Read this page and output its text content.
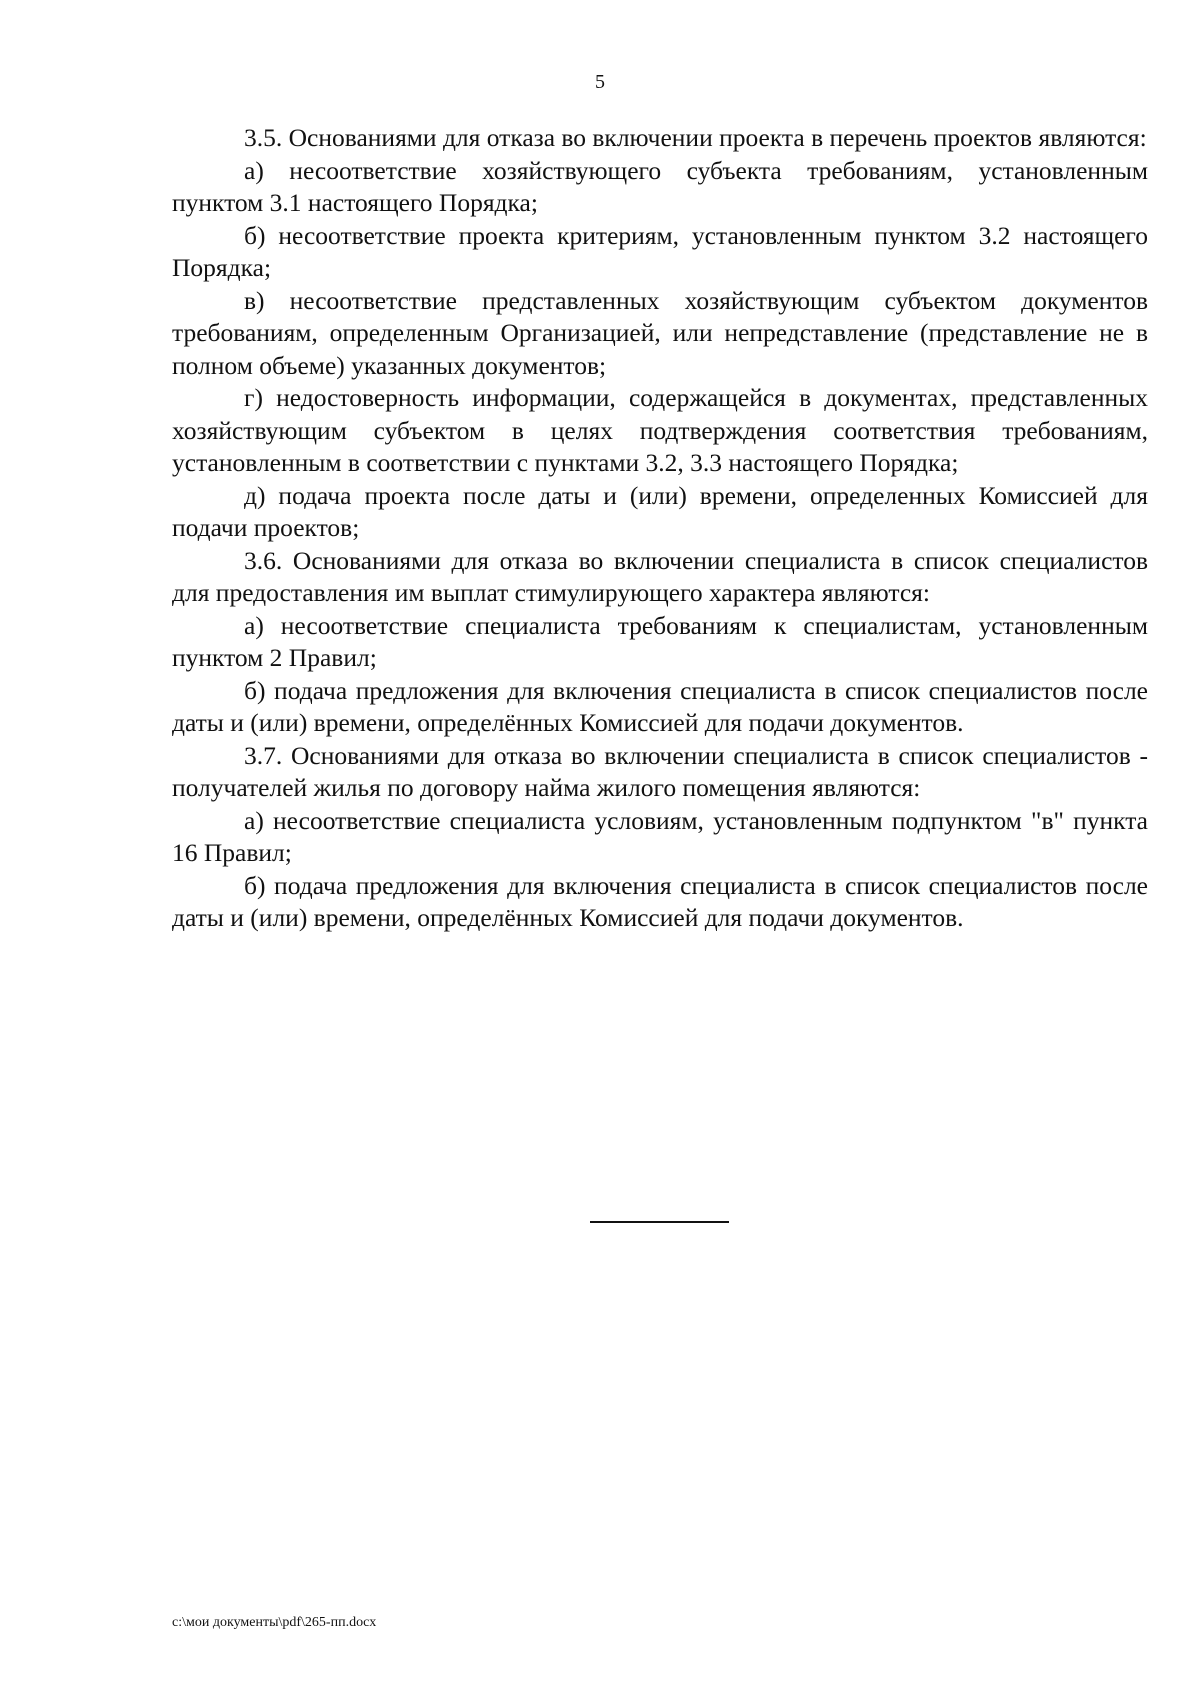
5

3.5. Основаниями для отказа во включении проекта в перечень проектов являются:

а) несоответствие хозяйствующего субъекта требованиям, установленным пунктом 3.1 настоящего Порядка;

б) несоответствие проекта критериям, установленным пунктом 3.2 настоящего Порядка;

в) несоответствие представленных хозяйствующим субъектом документов требованиям, определенным Организацией, или непредставление (представление не в полном объеме) указанных документов;

г) недостоверность информации, содержащейся в документах, представленных хозяйствующим субъектом в целях подтверждения соответствия требованиям, установленным в соответствии с пунктами 3.2, 3.3 настоящего Порядка;

д) подача проекта после даты и (или) времени, определенных Комиссией для подачи проектов;

3.6. Основаниями для отказа во включении специалиста в список специалистов для предоставления им выплат стимулирующего характера являются:

а) несоответствие специалиста требованиям к специалистам, установленным пунктом 2 Правил;

б) подача предложения для включения специалиста в список специалистов после даты и (или) времени, определённых Комиссией для подачи документов.

3.7. Основаниями для отказа во включении специалиста в список специалистов - получателей жилья по договору найма жилого помещения являются:

а) несоответствие специалиста условиям, установленным подпунктом "в" пункта 16 Правил;

б) подача предложения для включения специалиста в список специалистов после даты и (или) времени, определённых Комиссией для подачи документов.

c:\мои документы\pdf\265-пп.docx
